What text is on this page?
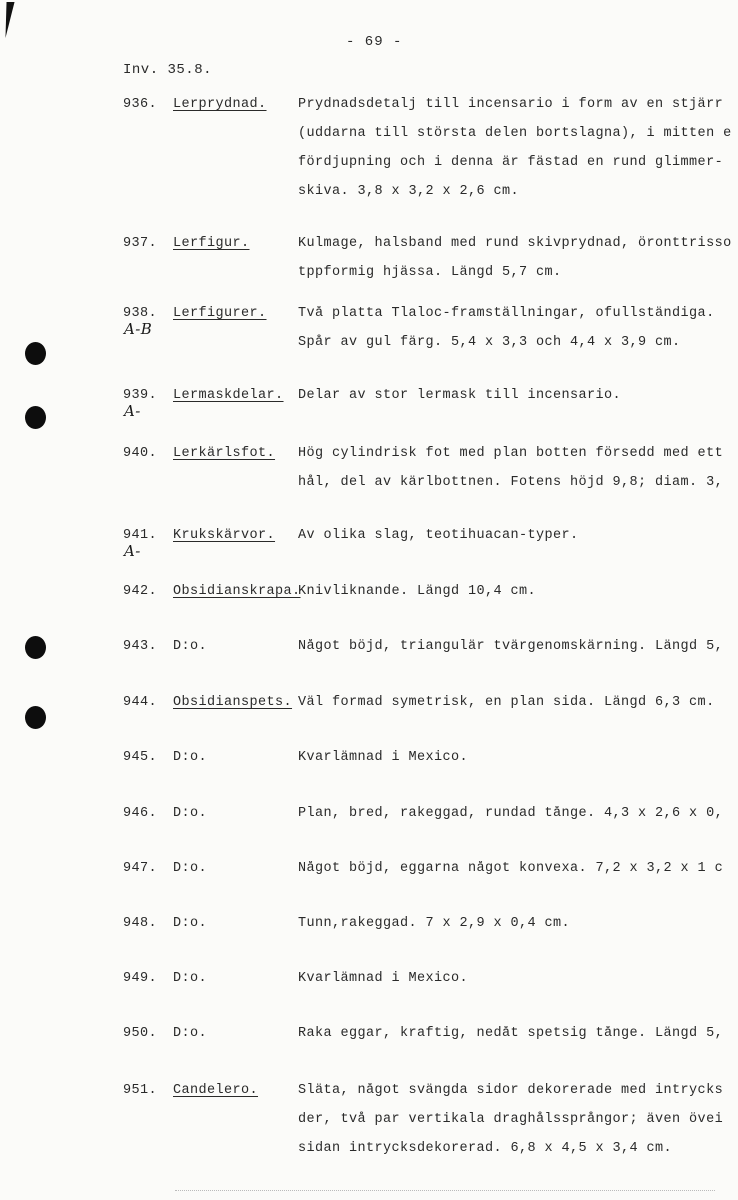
- 69 -
Inv. 35.8.
936. Lerprydnad. Prydnadsdetalj till incensario i form av en stjärr
(uddarna till största delen bortslagna), i mitten e
fördjupning och i denna är fästad en rund glimmer-
skiva. 3,8 x 3,2 x 2,6 cm.
937. Lerfigur.	Kulmage, halsband med rund skivprydnad, öronttrisso
tppformig hjässa. Längd 5,7 cm.
938. Lerfigurer. Två platta Tlaloc-framställningar, ofullständiga.
Spår av gul färg. 5,4 x 3,3 och 4,4 x 3,9 cm.
A-B
939. Lermaskdelar. Delar av stor lermask till incensario.
A-
940. Lerkärlsfot. Hög cylindrisk fot med plan botten försedd med ett
hål, del av kärlbottnen. Fotens höjd 9,8; diam. 3,
941. Krukskärvor. Av olika slag, teotihuacan-typer.
A-
942. Obsidianskrapa.
Knivliknande. Längd 10,4 cm.
943. D:o.	Något böjd, triangulär tvärgenomskärning. Längd 5,
944. Obsidianspets. Väl formad symetrisk, en plan sida. Längd 6,3 cm.
945. D:o.	Kvarlämnad i Mexico.
946. D:o.	Plan, bred, rakeggad, rundad tånge. 4,3 x 2,6 x 0,
947. D:o.	Något böjd, eggarna något konvexa. 7,2 x 3,2 x 1 c
948. D:o.	Tunn,rakeggad. 7 x 2,9 x 0,4 cm.
949. D:o.	Kvarlämnad i Mexico.
950. D:o.	Raka eggar, kraftig, nedåt spetsig tånge. Längd 5,
951. Candelero.	Släta, något svängda sidor dekorerade med intrycks
der, två par vertikala draghålssprångor; även övei
sidan intrycksdekorerad. 6,8 x 4,5 x 3,4 cm.
